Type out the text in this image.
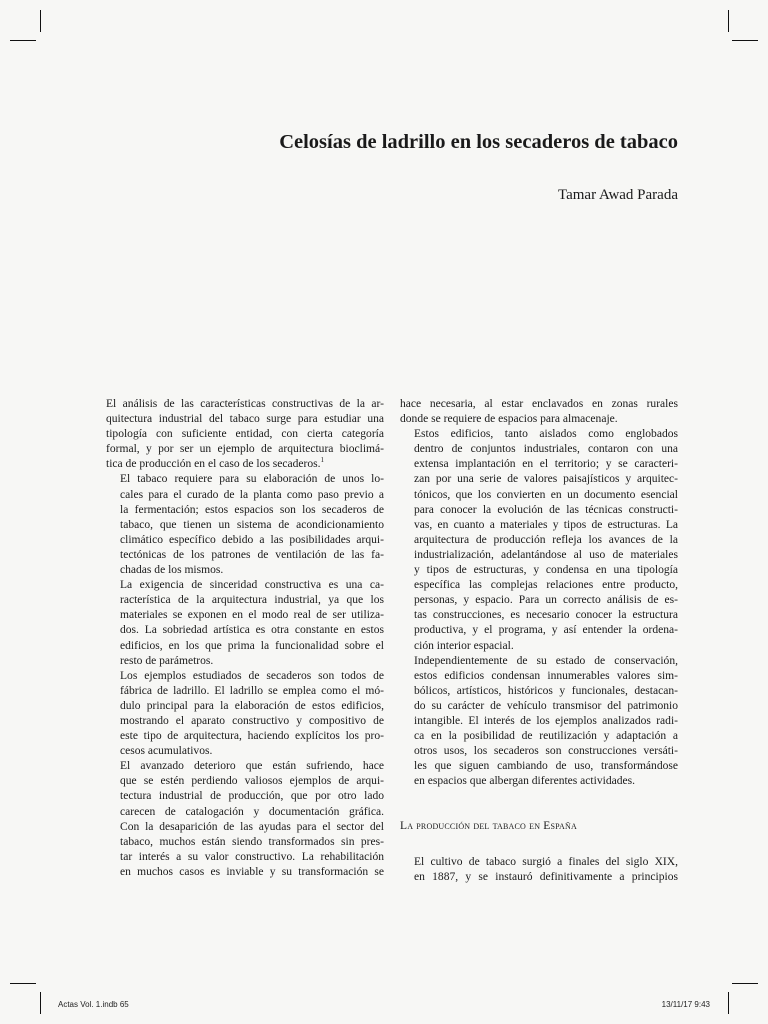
Celosías de ladrillo en los secaderos de tabaco
Tamar Awad Parada

El análisis de las características constructivas de la ar-
quitectura industrial del tabaco surge para estudiar una
tipología con suficiente entidad, con cierta categoría
formal, y por ser un ejemplo de arquitectura bioclimá-
tica de producción en el caso de los secaderos.$^1$

El tabaco requiere para su elaboración de unos lo-
cales para el curado de la planta como paso previo a
la fermentación; estos espacios son los secaderos de
tabaco, que tienen un sistema de acondicionamiento
climático específico debido a las posibilidades arqui-
tectónicas de los patrones de ventilación de las fa-
chadas de los mismos.

La exigencia de sinceridad constructiva es una ca-
racterística de la arquitectura industrial, ya que los
materiales se exponen en el modo real de ser utiliza-
dos. La sobriedad artística es otra constante en estos
edificios, en los que prima la funcionalidad sobre el
resto de parámetros.

Los ejemplos estudiados de secaderos son todos de
fábrica de ladrillo. El ladrillo se emplea como el mó-
dulo principal para la elaboración de estos edificios,
mostrando el aparato constructivo y compositivo de
este tipo de arquitectura, haciendo explícitos los pro-
cesos acumulativos.

El avanzado deterioro que están sufriendo, hace
que se estén perdiendo valiosos ejemplos de arqui-
tectura industrial de producción, que por otro lado
carecen de catalogación y documentación gráfica.
Con la desaparición de las ayudas para el sector del
tabaco, muchos están siendo transformados sin pres-
tar interés a su valor constructivo. La rehabilitación
en muchos casos es inviable y su transformación se

hace necesaria, al estar enclavados en zonas rurales
donde se requiere de espacios para almacenaje.

Estos edificios, tanto aislados como englobados
dentro de conjuntos industriales, contaron con una
extensa implantación en el territorio; y se caracteri-
zan por una serie de valores paisajísticos y arquitec-
tónicos, que los convierten en un documento esencial
para conocer la evolución de las técnicas constructi-
vas, en cuanto a materiales y tipos de estructuras. La
arquitectura de producción refleja los avances de la
industrialización, adelantándose al uso de materiales
y tipos de estructuras, y condensa en una tipología
específica las complejas relaciones entre producto,
personas, y espacio. Para un correcto análisis de es-
tas construcciones, es necesario conocer la estructura
productiva, y el programa, y así entender la ordena-
ción interior espacial.

Independientemente de su estado de conservación,
estos edificios condensan innumerables valores sim-
bólicos, artísticos, históricos y funcionales, destacan-
do su carácter de vehículo transmisor del patrimonio
intangible. El interés de los ejemplos analizados radi-
ca en la posibilidad de reutilización y adaptación a
otros usos, los secaderos son construcciones versáti-
les que siguen cambiando de uso, transformándose
en espacios que albergan diferentes actividades.

La producción del tabaco en España

El cultivo de tabaco surgió a finales del siglo XIX,
en 1887, y se instauró definitivamente a principios

Actas Vol. 1.indb 65	13/11/17 9:43
